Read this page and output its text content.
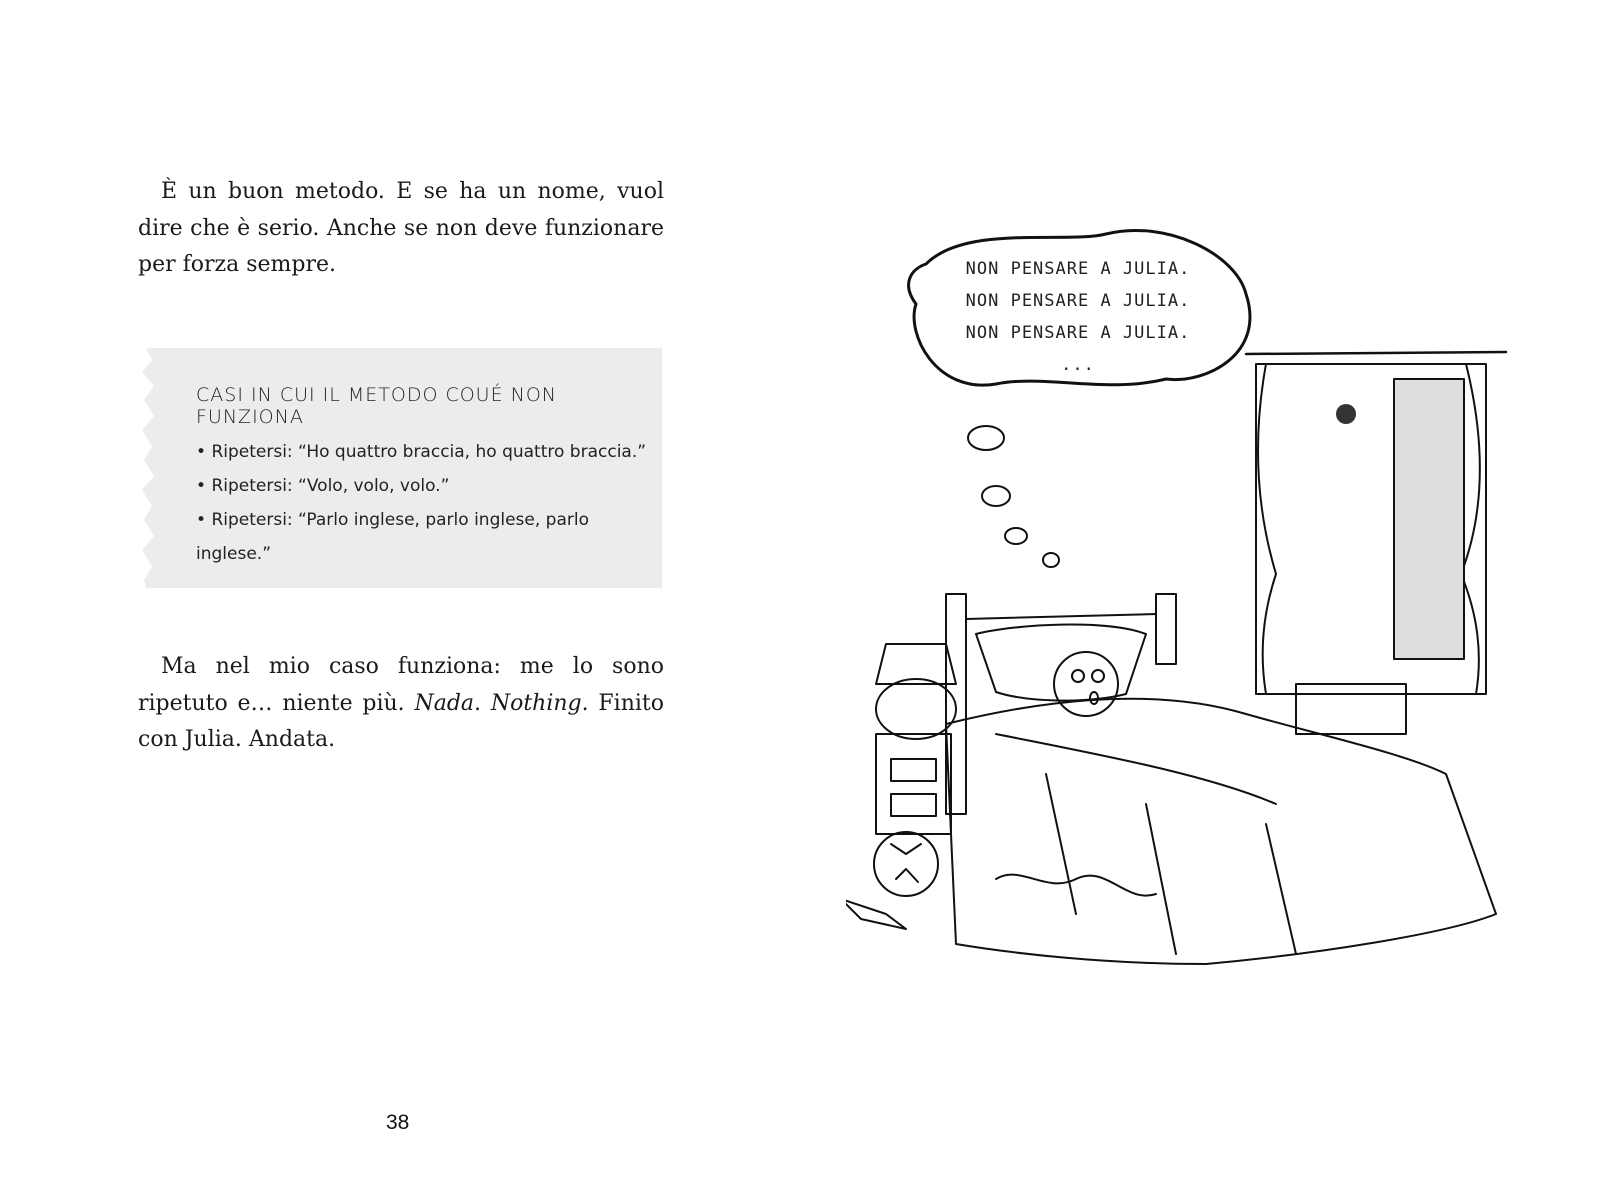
È un buon metodo. E se ha un nome, vuol dire che è serio. Anche se non deve funzionare per forza sempre.

CASI IN CUI IL METODO COUÉ NON FUNZIONA
• Ripetersi: “Ho quattro braccia, ho quattro braccia.”
• Ripetersi: “Volo, volo, volo.”
• Ripetersi: “Parlo inglese, parlo inglese, parlo inglese.”

Ma nel mio caso funziona: me lo sono ripetuto e… niente più. Nada. Nothing. Finito con Julia. Andata.

38
NON PENSARE A JULIA.
NON PENSARE A JULIA.
NON PENSARE A JULIA.
...
